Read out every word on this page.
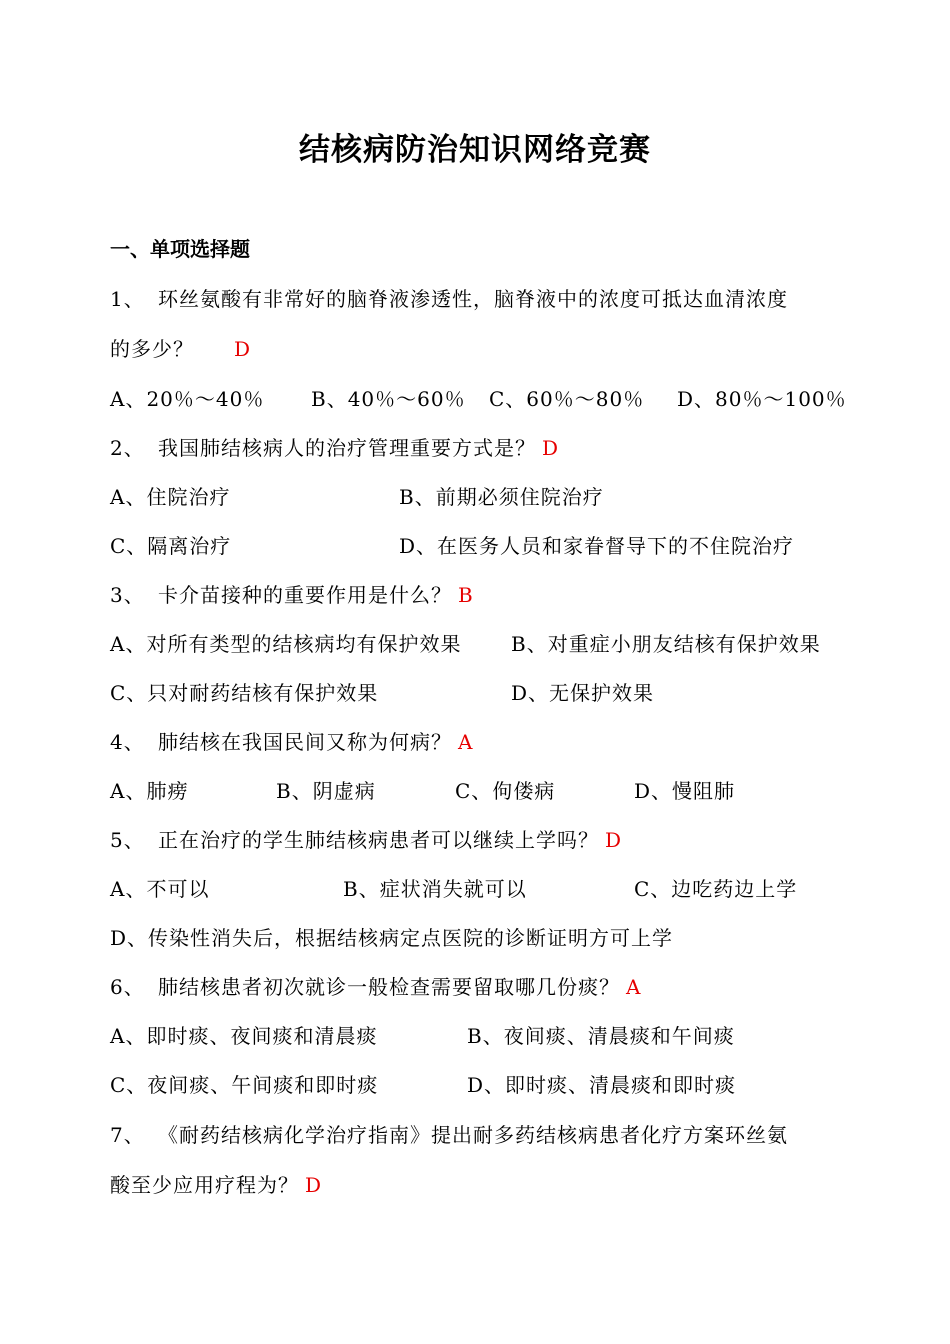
结核病防治知识网络竞赛
一、单项选择题
1、 环丝氨酸有非常好的脑脊液渗透性，脑脊液中的浓度可抵达血清浓度
的多少？ D
A、20％～40％ B、40％～60％ C、60％～80％ D、80％～100％
2、 我国肺结核病人的治疗管理重要方式是？ D
A、住院治疗	B、前期必须住院治疗
C、隔离治疗	D、在医务人员和家眷督导下的不住院治疗
3、 卡介苗接种的重要作用是什么？ B
A、对所有类型的结核病均有保护效果 B、对重症小朋友结核有保护效果
C、只对耐药结核有保护效果	D、无保护效果
4、 肺结核在我国民间又称为何病？ A
A、肺痨	B、阴虚病	C、佝偻病	D、慢阻肺
5、 正在治疗的学生肺结核病患者可以继续上学吗？ D
A、不可以	B、症状消失就可以	C、边吃药边上学
D、传染性消失后，根据结核病定点医院的诊断证明方可上学
6、 肺结核患者初次就诊一般检查需要留取哪几份痰？ A
A、即时痰、夜间痰和清晨痰	B、夜间痰、清晨痰和午间痰
C、夜间痰、午间痰和即时痰	D、即时痰、清晨痰和即时痰
7、 《耐药结核病化学治疗指南》提出耐多药结核病患者化疗方案环丝氨
酸至少应用疗程为？ D
